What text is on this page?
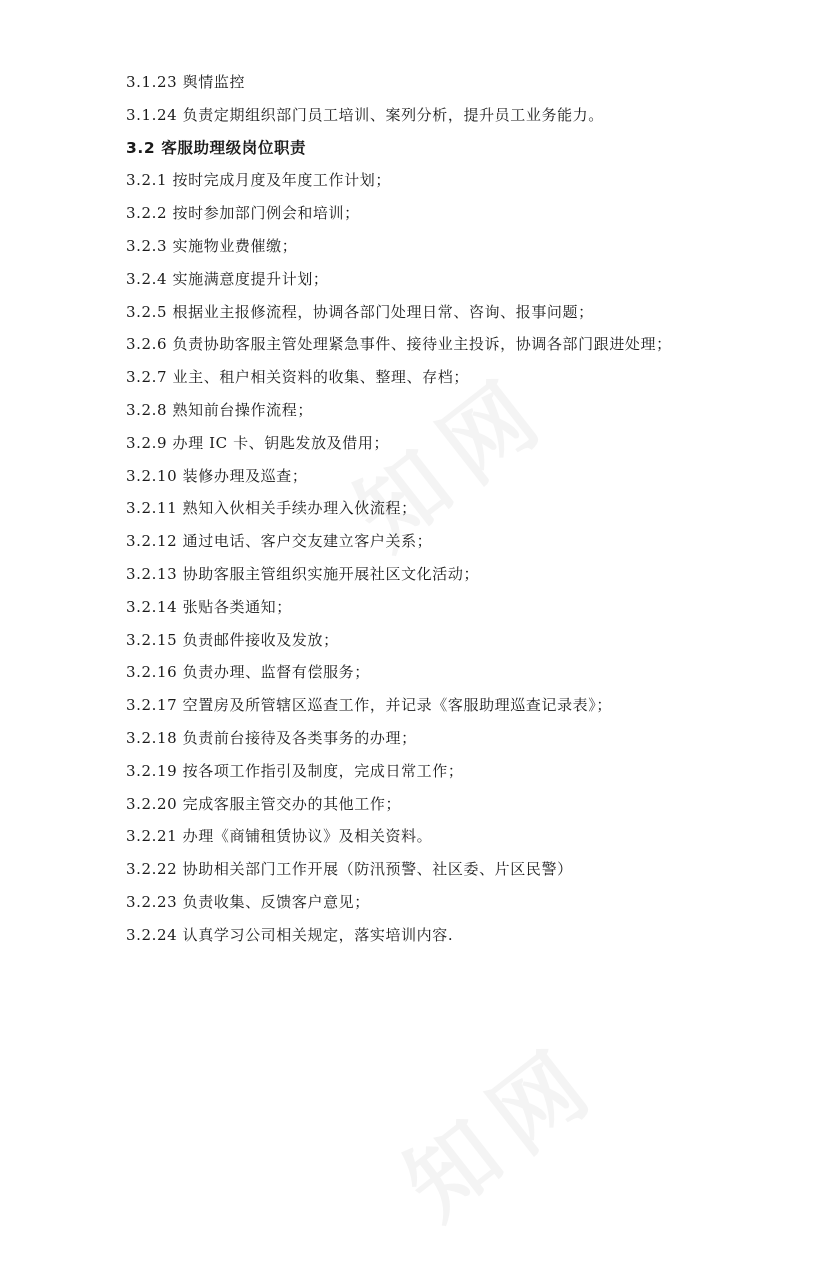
3.1.23 舆情监控
3.1.24 负责定期组织部门员工培训、案列分析，提升员工业务能力。
3.2 客服助理级岗位职责
3.2.1 按时完成月度及年度工作计划；
3.2.2 按时参加部门例会和培训；
3.2.3 实施物业费催缴；
3.2.4 实施满意度提升计划；
3.2.5 根据业主报修流程，协调各部门处理日常、咨询、报事问题；
3.2.6 负责协助客服主管处理紧急事件、接待业主投诉，协调各部门跟进处理；
3.2.7 业主、租户相关资料的收集、整理、存档；
3.2.8 熟知前台操作流程；
3.2.9 办理 IC 卡、钥匙发放及借用；
3.2.10 装修办理及巡查；
3.2.11 熟知入伙相关手续办理入伙流程；
3.2.12 通过电话、客户交友建立客户关系；
3.2.13 协助客服主管组织实施开展社区文化活动；
3.2.14 张贴各类通知；
3.2.15 负责邮件接收及发放；
3.2.16 负责办理、监督有偿服务；
3.2.17 空置房及所管辖区巡查工作，并记录《客服助理巡查记录表》；
3.2.18 负责前台接待及各类事务的办理；
3.2.19 按各项工作指引及制度，完成日常工作；
3.2.20 完成客服主管交办的其他工作；
3.2.21 办理《商铺租赁协议》及相关资料。
3.2.22 协助相关部门工作开展（防汛预警、社区委、片区民警）
3.2.23 负责收集、反馈客户意见；
3.2.24 认真学习公司相关规定，落实培训内容.
